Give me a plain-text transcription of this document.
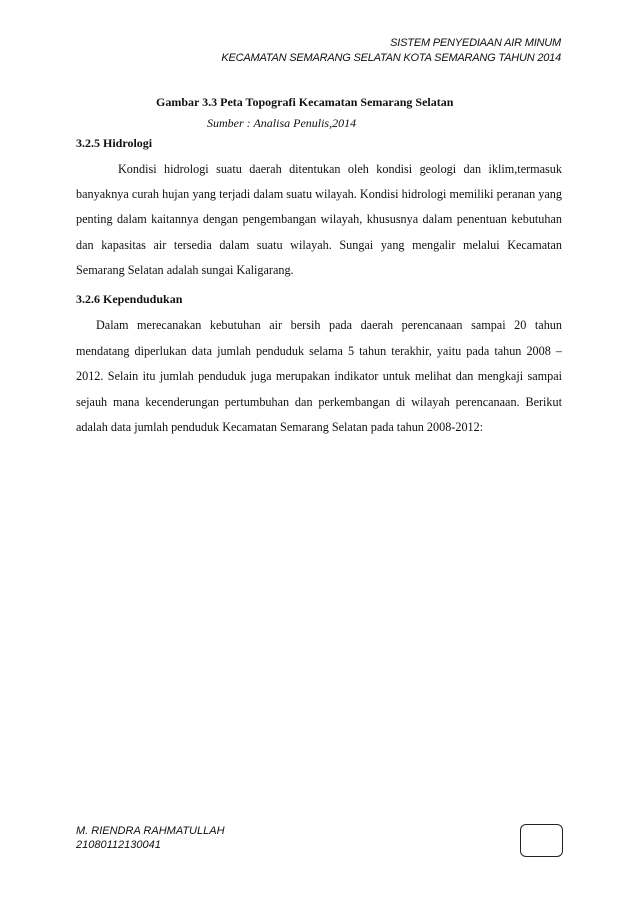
SISTEM PENYEDIAAN AIR MINUM
KECAMATAN SEMARANG SELATAN KOTA SEMARANG TAHUN 2014
Gambar 3.3 Peta Topografi Kecamatan Semarang Selatan
Sumber : Analisa Penulis,2014

3.2.5 Hidrologi

Kondisi hidrologi suatu daerah ditentukan oleh kondisi geologi dan iklim,termasuk banyaknya curah hujan yang terjadi dalam suatu wilayah. Kondisi hidrologi memiliki peranan yang penting dalam kaitannya dengan pengembangan wilayah, khususnya dalam penentuan kebutuhan dan kapasitas air tersedia dalam suatu wilayah. Sungai yang mengalir melalui Kecamatan Semarang Selatan adalah sungai Kaligarang.

3.2.6 Kependudukan

Dalam merecanakan kebutuhan air bersih pada daerah perencanaan sampai 20 tahun mendatang diperlukan data jumlah penduduk selama 5 tahun terakhir, yaitu pada tahun 2008 – 2012. Selain itu jumlah penduduk juga merupakan indikator untuk melihat dan mengkaji sampai sejauh mana kecenderungan pertumbuhan dan perkembangan di wilayah perencanaan. Berikut adalah data jumlah penduduk Kecamatan Semarang Selatan pada tahun 2008-2012:

M. RIENDRA RAHMATULLAH
21080112130041
